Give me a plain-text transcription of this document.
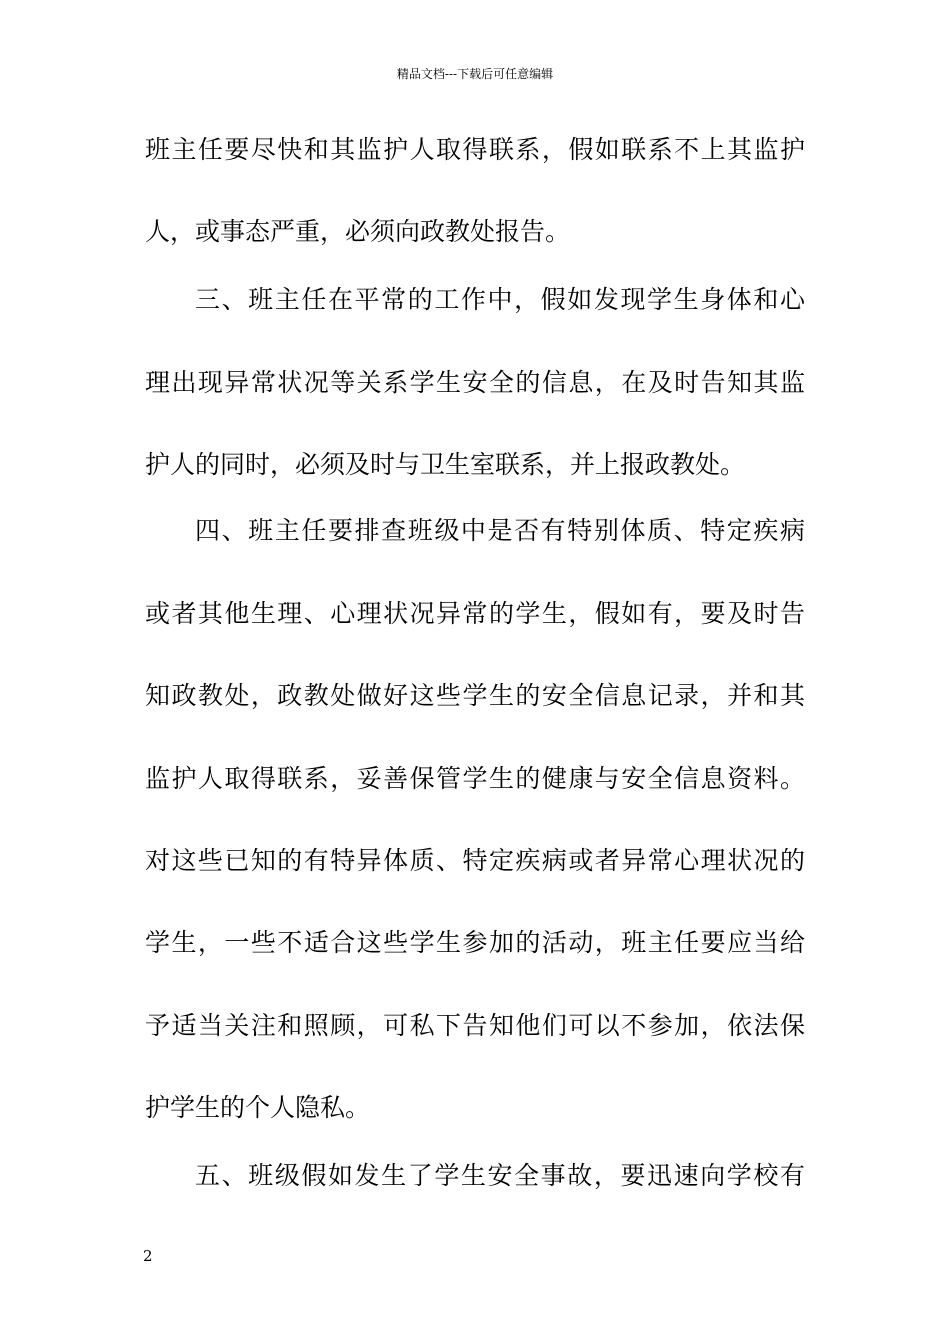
精品文档---下载后可任意编辑
班主任要尽快和其监护人取得联系，假如联系不上其监护
人，或事态严重，必须向政教处报告。
三、班主任在平常的工作中，假如发现学生身体和心
理出现异常状况等关系学生安全的信息，在及时告知其监
护人的同时，必须及时与卫生室联系，并上报政教处。
四、班主任要排查班级中是否有特别体质、特定疾病
或者其他生理、心理状况异常的学生，假如有，要及时告
知政教处，政教处做好这些学生的安全信息记录，并和其
监护人取得联系，妥善保管学生的健康与安全信息资料。
对这些已知的有特异体质、特定疾病或者异常心理状况的
学生，一些不适合这些学生参加的活动，班主任要应当给
予适当关注和照顾，可私下告知他们可以不参加，依法保
护学生的个人隐私。
五、班级假如发生了学生安全事故，要迅速向学校有
2
